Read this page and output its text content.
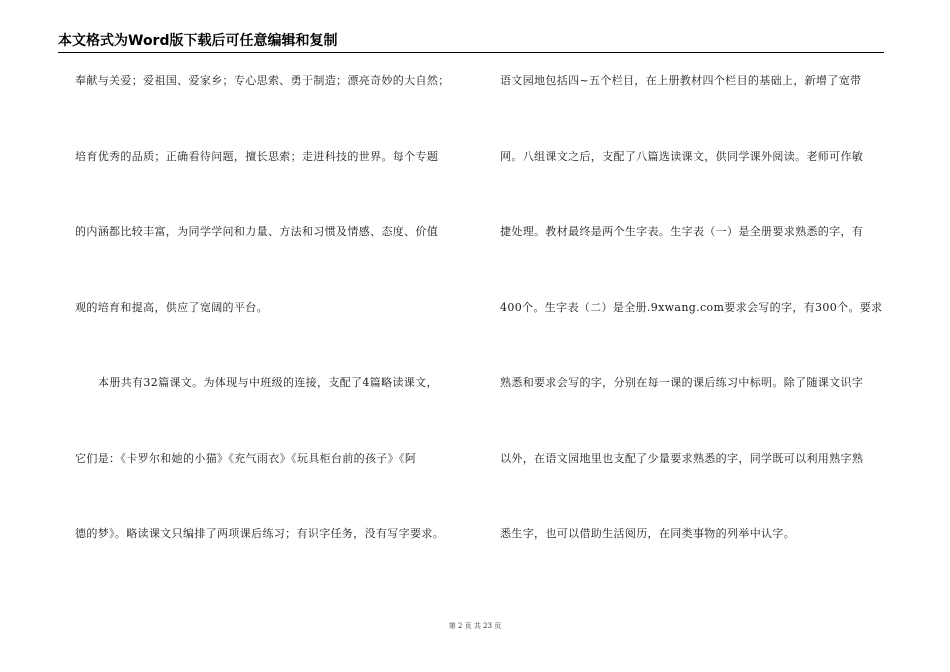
本文格式为Word版下载后可任意编辑和复制
奉献与关爱；爱祖国、爱家乡；专心思索、勇于制造；漂亮奇妙的大自然；
培育优秀的品质；正确看待问题，擅长思索；走进科技的世界。每个专题
的内涵都比较丰富，为同学学问和力量、方法和习惯及情感、态度、价值
观的培育和提高，供应了宽阔的平台。
本册共有32篇课文。为体现与中班级的连接，支配了4篇略读课文，
它们是：《卡罗尔和她的小猫》《充气雨衣》《玩具柜台前的孩子》《阿
德的梦》。略读课文只编排了两项课后练习；有识字任务，没有写字要求。
语文园地包括四~五个栏目，在上册教材四个栏目的基础上，新增了宽带
网。八组课文之后，支配了八篇选读课文，供同学课外阅读。老师可作敏
捷处理。教材最终是两个生字表。生字表（一）是全册要求熟悉的字，有
400个。生字表（二）是全册.9xwang.com要求会写的字，有300个。要求
熟悉和要求会写的字，分别在每一课的课后练习中标明。除了随课文识字
以外，在语文园地里也支配了少量要求熟悉的字，同学既可以利用熟字熟
悉生字，也可以借助生活阅历，在同类事物的列举中认字。
第 2 页 共 23 页
